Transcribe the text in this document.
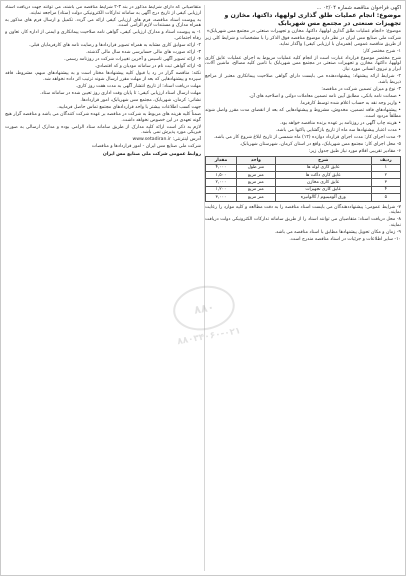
آگهی فراخوان مناقصه شماره ۰۲/۰۴ ...
موضوع: انجام عملیات طلق گذاری لولهها، داکتها، مخازن و تجهیزات صنعتی در مجتمع مس شهربابک
موضوع: «انجام عملیات طلق گذاری لولهها، داکتها، مخازن و تجهیزات صنعتی در مجتمع مس شهربابک»
شرکت ملی صنایع مس ایران در نظر دارد موضوع مناقصه فوق الذکر را با مشخصات و شرایط کلی زیر از طریق مناقصه عمومی (همزمان با ارزیابی کیفی) واگذار نماید.
۱- شرح مختصر کار:
شرح مختصر موضوع قرارداد عبارت است از انجام کلیه عملیات مربوط به اجرای عملیات عایق کاری لولهها، داکتها، مخازن و تجهیزات صنعتی در مجتمع مس شهربابک با تامین کلیه مصالح، ماشین آلات، ابزار و نیروی انسانی مورد نیاز.
۲- شرایط ارائه پیشنهاد: پیشنهاددهنده می بایست دارای گواهی صلاحیت پیمانکاری معتبر از مراجع ذیربط باشد.
۳- نوع و میزان تضمین شرکت در مناقصه:
• ضمانت نامه بانکی، مطابق آیین نامه تضمین معاملات دولتی و اصلاحیه های آن.
• واریز وجه نقد به حساب اعلام شده توسط کارفرما.
• پیشنهادهای فاقد تضمین، مخدوش، مشروط و پیشنهادهایی که بعد از انقضای مدت مقرر واصل شوند مطلقاً مردود است.
• هزینه چاپ آگهی در روزنامه بر عهده برنده مناقصه خواهد بود.
• مدت اعتبار پیشنهادها سه ماه از تاریخ بازگشایی پاکتها می باشد.
۴- مدت اجرای کار: مدت اجرای قرارداد دوازده (۱۲) ماه شمسی از تاریخ ابلاغ شروع کار می باشد.
۵- محل اجرای کار: مجتمع مس شهربابک، واقع در استان کرمان، شهرستان شهربابک.
۶- مقادیر تقریبی اقلام مورد نیاز طبق جدول زیر:
ردیف	شرح	واحد	مقدار
۱	عایق کاری لوله ها	متر طول	۴,۰۰۰
۲	عایق کاری داکت ها	متر مربع	۱,۵۰۰
۳	عایق کاری مخازن	متر مربع	۲,۰۰۰
۴	عایق کاری تجهیزات	متر مربع	۱,۲۰۰
۵	ورق آلومینیوم / گالوانیزه	متر مربع	۳,۰۰۰
۷- شرایط عمومی: پیشنهاددهندگان می بایست اسناد مناقصه را به دقت مطالعه و کلیه موارد را رعایت نمایند.
۸- محل دریافت اسناد: متقاضیان می توانند اسناد را از طریق سامانه تدارکات الکترونیکی دولت دریافت نمایند.
۹- زمان و مکان تحویل پیشنهادها مطابق با اسناد مناقصه می باشد.
۱۰- سایر اطلاعات و جزئیات در اسناد مناقصه مندرج است.
متقاضیانی که دارای شرایط مذکور در بند ۳-۲ شرایط مناقصه می باشند، می توانند جهت دریافت اسناد ارزیابی کیفی از تاریخ درج آگهی به سامانه تدارکات الکترونیکی دولت (ستاد) مراجعه نمایند.
به پیوست اسناد مناقصه، فرم های ارزیابی کیفی ارائه می گردد. تکمیل و ارسال فرم های مذکور به همراه مدارک و مستندات لازم الزامی است.
۱- به پیوست اسناد و مدارک ارزیابی کیفی، گواهی نامه صلاحیت پیمانکاری و ایمنی از اداره کار، تعاون و رفاه اجتماعی.
۲- ارائه سوابق کاری مشابه به همراه تصویر قراردادها و رضایت نامه های کارفرمایان قبلی.
۳- ارائه صورت های مالی حسابرسی شده سال مالی گذشته.
۴- ارائه تصویر آگهی تاسیس و آخرین تغییرات شرکت در روزنامه رسمی.
۵- ارائه گواهی ثبت نام در سامانه مودیان و کد اقتصادی.
نکته: مناقصه گزار در رد یا قبول کلیه پیشنهادها مختار است و به پیشنهادهای مبهم، مشروط، فاقد سپرده و پیشنهادهایی که بعد از مهلت مقرر ارسال شوند ترتیب اثر داده نخواهد شد.
مهلت دریافت اسناد: از تاریخ انتشار آگهی به مدت هفت روز کاری.
مهلت ارسال اسناد ارزیابی کیفی: تا پایان وقت اداری روز تعیین شده در سامانه ستاد.
نشانی: کرمان، شهربابک، مجتمع مس شهربابک، امور قراردادها.
جهت کسب اطلاعات بیشتر با واحد قراردادهای مجتمع تماس حاصل فرمایید.
ضمناً کلیه هزینه های مربوط به شرکت در مناقصه بر عهده شرکت کنندگان می باشد و مناقصه گزار هیچ گونه تعهدی در این خصوص نخواهد داشت.
لازم به ذکر است ارائه کلیه مدارک از طریق سامانه ستاد الزامی بوده و مدارک ارسالی به صورت فیزیکی مورد پذیرش نمی باشد.
آدرس اینترنتی: www.setadiran.ir
شرکت ملی صنایع مس ایران - امور قراردادها و مناقصات
روابط عمومی شرکت ملی صنایع مس ایران
۸۸۰
۸۸۰۳۴۰۶۰-۰۲۱
